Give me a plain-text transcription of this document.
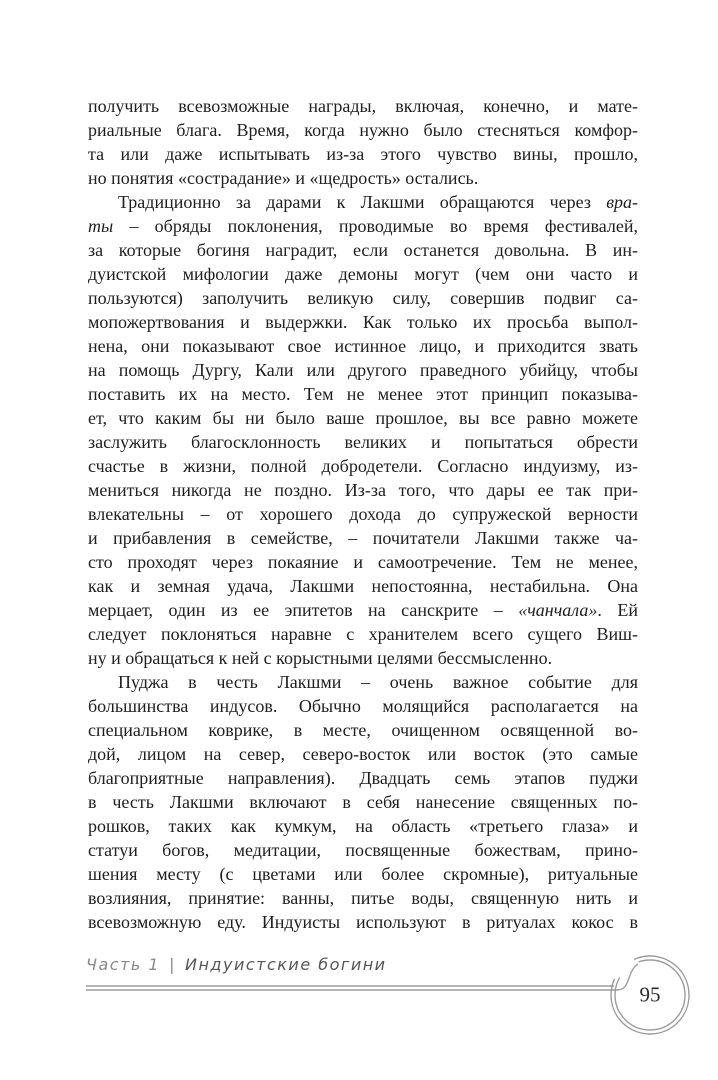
получить всевозможные награды, включая, конечно, и мате-
риальные блага. Время, когда нужно было стесняться комфор-
та или даже испытывать из-за этого чувство вины, прошло,
но понятия «сострадание» и «щедрость» остались.
Традиционно за дарами к Лакшми обращаются через вра-
ты – обряды поклонения, проводимые во время фестивалей,
за которые богиня наградит, если останется довольна. В ин-
дуистской мифологии даже демоны могут (чем они часто и
пользуются) заполучить великую силу, совершив подвиг са-
мопожертвования и выдержки. Как только их просьба выпол-
нена, они показывают свое истинное лицо, и приходится звать
на помощь Дургу, Кали или другого праведного убийцу, чтобы
поставить их на место. Тем не менее этот принцип показыва-
ет, что каким бы ни было ваше прошлое, вы все равно можете
заслужить благосклонность великих и попытаться обрести
счастье в жизни, полной добродетели. Согласно индуизму, из-
мениться никогда не поздно. Из-за того, что дары ее так при-
влекательны – от хорошего дохода до супружеской верности
и прибавления в семействе, – почитатели Лакшми также ча-
сто проходят через покаяние и самоотречение. Тем не менее,
как и земная удача, Лакшми непостоянна, нестабильна. Она
мерцает, один из ее эпитетов на санскрите – «чанчала». Ей
следует поклоняться наравне с хранителем всего сущего Виш-
ну и обращаться к ней с корыстными целями бессмысленно.
Пуджа в честь Лакшми – очень важное событие для
большинства индусов. Обычно молящийся располагается на
специальном коврике, в месте, очищенном освященной во-
дой, лицом на север, северо-восток или восток (это самые
благоприятные направления). Двадцать семь этапов пуджи
в честь Лакшми включают в себя нанесение священных по-
рошков, таких как кумкум, на область «третьего глаза» и
статуи богов, медитации, посвященные божествам, прино-
шения месту (с цветами или более скромные), ритуальные
возлияния, принятие: ванны, питье воды, священную нить и
всевозможную еду. Индуисты используют в ритуалах кокос в
Часть 1 | Индуистские богини
95
